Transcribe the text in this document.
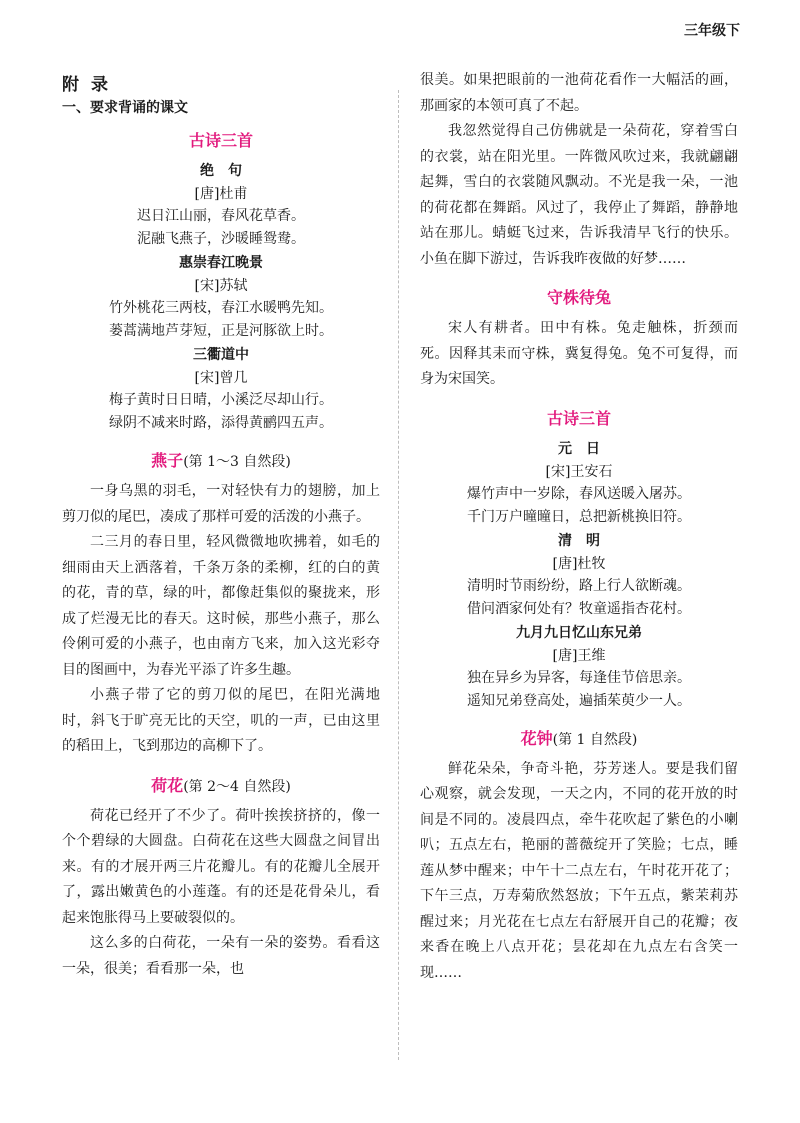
三年级下
附录
一、要求背诵的课文
古诗三首
绝句
[唐]杜甫
迟日江山丽，春风花草香。
泥融飞燕子，沙暖睡鸳鸯。
惠崇春江晚景
[宋]苏轼
竹外桃花三两枝，春江水暖鸭先知。
蒌蒿满地芦芽短，正是河豚欲上时。
三衢道中
[宋]曾几
梅子黄时日日晴，小溪泛尽却山行。
绿阴不减来时路，添得黄鹂四五声。
燕子(第 1～3 自然段)

一身乌黑的羽毛，一对轻快有力的翅膀，加上剪刀似的尾巴，凑成了那样可爱的活泼的小燕子。

二三月的春日里，轻风微微地吹拂着，如毛的细雨由天上洒落着，千条万条的柔柳，红的白的黄的花，青的草，绿的叶，都像赶集似的聚拢来，形成了烂漫无比的春天。这时候，那些小燕子，那么伶俐可爱的小燕子，也由南方飞来，加入这光彩夺目的图画中，为春光平添了许多生趣。

小燕子带了它的剪刀似的尾巴，在阳光满地时，斜飞于旷亮无比的天空，叽的一声，已由这里的稻田上，飞到那边的高柳下了。

荷花(第 2～4 自然段)

荷花已经开了不少了。荷叶挨挨挤挤的，像一个个碧绿的大圆盘。白荷花在这些大圆盘之间冒出来。有的才展开两三片花瓣儿。有的花瓣儿全展开了，露出嫩黄色的小莲蓬。有的还是花骨朵儿，看起来饱胀得马上要破裂似的。

这么多的白荷花，一朵有一朵的姿势。看看这一朵，很美；看看那一朵，也

很美。如果把眼前的一池荷花看作一大幅活的画，那画家的本领可真了不起。

我忽然觉得自己仿佛就是一朵荷花，穿着雪白的衣裳，站在阳光里。一阵微风吹过来，我就翩翩起舞，雪白的衣裳随风飘动。不光是我一朵，一池的荷花都在舞蹈。风过了，我停止了舞蹈，静静地站在那儿。蜻蜓飞过来，告诉我清早飞行的快乐。小鱼在脚下游过，告诉我昨夜做的好梦……

守株待兔

宋人有耕者。田中有株。兔走触株，折颈而死。因释其耒而守株，冀复得兔。兔不可复得，而身为宋国笑。

古诗三首
元日
[宋]王安石
爆竹声中一岁除，春风送暖入屠苏。
千门万户曈曈日，总把新桃换旧符。
清明
[唐]杜牧
清明时节雨纷纷，路上行人欲断魂。
借问酒家何处有？牧童遥指杏花村。
九月九日忆山东兄弟
[唐]王维
独在异乡为异客，每逢佳节倍思亲。
遥知兄弟登高处，遍插茱萸少一人。
花钟(第 1 自然段)

鲜花朵朵，争奇斗艳，芬芳迷人。要是我们留心观察，就会发现，一天之内，不同的花开放的时间是不同的。凌晨四点，牵牛花吹起了紫色的小喇叭；五点左右，艳丽的蔷薇绽开了笑脸；七点，睡莲从梦中醒来；中午十二点左右，午时花开花了；下午三点，万寿菊欣然怒放；下午五点，紫茉莉苏醒过来；月光花在七点左右舒展开自己的花瓣；夜来香在晚上八点开花；昙花却在九点左右含笑一现……
